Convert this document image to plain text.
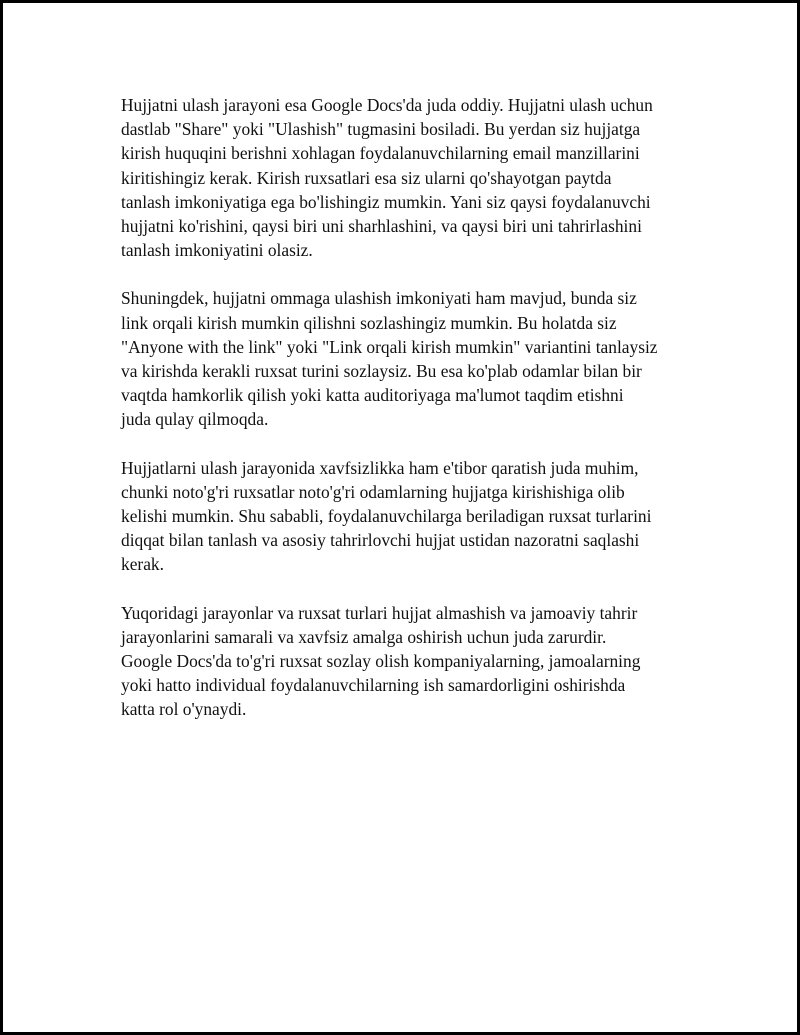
Hujjatni ulash jarayoni esa Google Docs'da juda oddiy. Hujjatni ulash uchun
dastlab "Share" yoki "Ulashish" tugmasini bosiladi. Bu yerdan siz hujjatga
kirish huquqini berishni xohlagan foydalanuvchilarning email manzillarini
kiritishingiz kerak. Kirish ruxsatlari esa siz ularni qo'shayotgan paytda
tanlash imkoniyatiga ega bo'lishingiz mumkin. Yani siz qaysi foydalanuvchi
hujjatni ko'rishini, qaysi biri uni sharhlashini, va qaysi biri uni tahrirlashini
tanlash imkoniyatini olasiz.

Shuningdek, hujjatni ommaga ulashish imkoniyati ham mavjud, bunda siz
link orqali kirish mumkin qilishni sozlashingiz mumkin. Bu holatda siz
"Anyone with the link" yoki "Link orqali kirish mumkin" variantini tanlaysiz
va kirishda kerakli ruxsat turini sozlaysiz. Bu esa ko'plab odamlar bilan bir
vaqtda hamkorlik qilish yoki katta auditoriyaga ma'lumot taqdim etishni
juda qulay qilmoqda.

Hujjatlarni ulash jarayonida xavfsizlikka ham e'tibor qaratish juda muhim,
chunki noto'g'ri ruxsatlar noto'g'ri odamlarning hujjatga kirishishiga olib
kelishi mumkin. Shu sababli, foydalanuvchilarga beriladigan ruxsat turlarini
diqqat bilan tanlash va asosiy tahrirlovchi hujjat ustidan nazoratni saqlashi
kerak.

Yuqoridagi jarayonlar va ruxsat turlari hujjat almashish va jamoaviy tahrir
jarayonlarini samarali va xavfsiz amalga oshirish uchun juda zarurdir.
Google Docs'da to'g'ri ruxsat sozlay olish kompaniyalarning, jamoalarning
yoki hatto individual foydalanuvchilarning ish samardorligini oshirishda
katta rol o'ynaydi.
